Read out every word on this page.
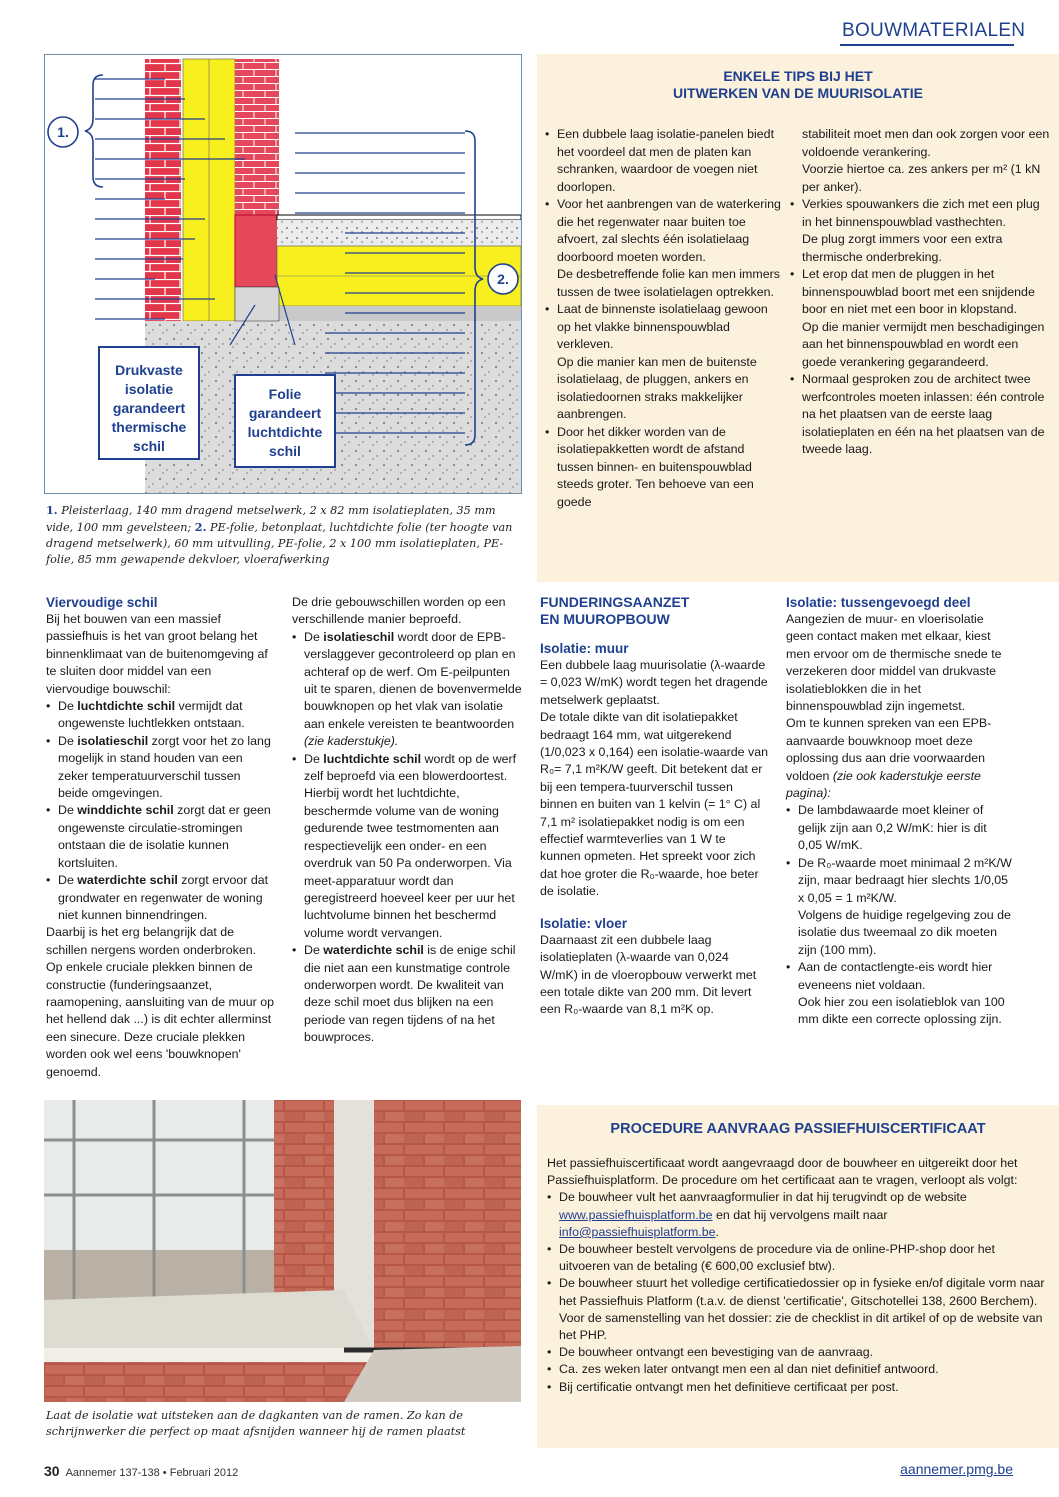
BOUWMATERIALEN
1.
2.
Drukvaste
isolatie
garandeert
thermische
schil
Folie
garandeert
luchtdichte
schil
1. Pleisterlaag, 140 mm dragend metselwerk, 2 x 82 mm isolatieplaten, 35 mm vide, 100 mm gevelsteen; 2. PE-folie, betonplaat, luchtdichte folie (ter hoogte van dragend metselwerk), 60 mm uitvulling, PE-folie, 2 x 100 mm isolatieplaten, PE-folie, 85 mm gewapende dekvloer, vloerafwerking
ENKELE TIPS BIJ HET
UITWERKEN VAN DE MUURISOLATIE

• Een dubbele laag isolatie-panelen biedt het voordeel dat men de platen kan schranken, waardoor de voegen niet doorlopen.

• Voor het aanbrengen van de waterkering die het regenwater naar buiten toe afvoert, zal slechts één isolatielaag doorboord moeten worden.

De desbetreffende folie kan men immers tussen de twee isolatielagen optrekken.

• Laat de binnenste isolatielaag gewoon op het vlakke binnenspouwblad verkleven.

Op die manier kan men de buitenste isolatielaag, de pluggen, ankers en isolatiedoornen straks makkelijker aanbrengen.

• Door het dikker worden van de isolatiepakketten wordt de afstand tussen binnen- en buitenspouwblad steeds groter. Ten behoeve van een goede

stabiliteit moet men dan ook zorgen voor een voldoende verankering.

Voorzie hiertoe ca. zes ankers per m² (1 kN per anker).

• Verkies spouwankers die zich met een plug in het binnenspouwblad vasthechten.

De plug zorgt immers voor een extra thermische onderbreking.

• Let erop dat men de pluggen in het binnenspouwblad boort met een snijdende boor en niet met een boor in klopstand.

Op die manier vermijdt men beschadigingen aan het binnenspouwblad en wordt een goede verankering gegarandeerd.

• Normaal gesproken zou de architect twee werfcontroles moeten inlassen: één controle na het plaatsen van de eerste laag isolatieplaten en één na het plaatsen van de tweede laag.

Viervoudige schil

Bij het bouwen van een massief passiefhuis is het van groot belang het binnenklimaat van de buitenomgeving af te sluiten door middel van een viervoudige bouwschil:

• De luchtdichte schil vermijdt dat ongewenste luchtlekken ontstaan.
• De isolatieschil zorgt voor het zo lang mogelijk in stand houden van een zeker temperatuurverschil tussen beide omgevingen.
• De winddichte schil zorgt dat er geen ongewenste circulatie-stromingen ontstaan die de isolatie kunnen kortsluiten.
• De waterdichte schil zorgt ervoor dat grondwater en regenwater de woning niet kunnen binnendringen.

Daarbij is het erg belangrijk dat de schillen nergens worden onderbroken. Op enkele cruciale plekken binnen de constructie (funderingsaanzet, raamopening, aansluiting van de muur op het hellend dak ...) is dit echter allerminst een sinecure. Deze cruciale plekken worden ook wel eens 'bouwknopen' genoemd.

De drie gebouwschillen worden op een verschillende manier beproefd.

• De isolatieschil wordt door de EPB-verslaggever gecontroleerd op plan en achteraf op de werf. Om E-peilpunten uit te sparen, dienen de bovenvermelde bouwknopen op het vlak van isolatie aan enkele vereisten te beantwoorden (zie kaderstukje).
• De luchtdichte schil wordt op de werf zelf beproefd via een blowerdoortest. Hierbij wordt het luchtdichte, beschermde volume van de woning gedurende twee testmomenten aan respectievelijk een onder- en een overdruk van 50 Pa onderworpen. Via meet-apparatuur wordt dan geregistreerd hoeveel keer per uur het luchtvolume binnen het beschermd volume wordt vervangen.
• De waterdichte schil is de enige schil die niet aan een kunstmatige controle onderworpen wordt. De kwaliteit van deze schil moet dus blijken na een periode van regen tijdens of na het bouwproces.
FUNDERINGSAANZET
EN MUUROPBOUW
Isolatie: muur

Een dubbele laag muurisolatie (λ-waarde = 0,023 W/mK) wordt tegen het dragende metselwerk geplaatst.

De totale dikte van dit isolatiepakket bedraagt 164 mm, wat uitgerekend (1/0,023 x 0,164) een isolatie-waarde van R₀= 7,1 m²K/W geeft. Dit betekent dat er bij een tempera-tuurverschil tussen binnen en buiten van 1 kelvin (= 1° C) al 7,1 m² isolatiepakket nodig is om een effectief warmteverlies van 1 W te kunnen opmeten. Het spreekt voor zich dat hoe groter die R₀-waarde, hoe beter de isolatie.

Isolatie: vloer

Daarnaast zit een dubbele laag isolatieplaten (λ-waarde van 0,024 W/mK) in de vloeropbouw verwerkt met een totale dikte van 200 mm. Dit levert een R₀-waarde van 8,1 m²K op.

Isolatie: tussengevoegd deel

Aangezien de muur- en vloerisolatie geen contact maken met elkaar, kiest men ervoor om de thermische snede te verzekeren door middel van drukvaste isolatieblokken die in het binnenspouwblad zijn ingemetst.

Om te kunnen spreken van een EPB-aanvaarde bouwknoop moet deze oplossing dus aan drie voorwaarden voldoen (zie ook kaderstukje eerste pagina):

• De lambdawaarde moet kleiner of gelijk zijn aan 0,2 W/mK: hier is dit 0,05 W/mK.

• De R₀-waarde moet minimaal 2 m²K/W zijn, maar bedraagt hier slechts 1/0,05 x 0,05 = 1 m²K/W.

Volgens de huidige regelgeving zou de isolatie dus tweemaal zo dik moeten zijn (100 mm).

• Aan de contactlengte-eis wordt hier eveneens niet voldaan.

Ook hier zou een isolatieblok van 100 mm dikte een correcte oplossing zijn.

Laat de isolatie wat uitsteken aan de dagkanten van de ramen. Zo kan de schrijnwerker die perfect op maat afsnijden wanneer hij de ramen plaatst
PROCEDURE AANVRAAG PASSIEFHUISCERTIFICAAT

Het passiefhuiscertificaat wordt aangevraagd door de bouwheer en uitgereikt door het Passiefhuisplatform. De procedure om het certificaat aan te vragen, verloopt als volgt:

• De bouwheer vult het aanvraagformulier in dat hij terugvindt op de website www.passiefhuisplatform.be en dat hij vervolgens mailt naar info@passiefhuisplatform.be.
• De bouwheer bestelt vervolgens de procedure via de online-PHP-shop door het uitvoeren van de betaling (€ 600,00 exclusief btw).

• De bouwheer stuurt het volledige certificatiedossier op in fysieke en/of digitale vorm naar het Passiefhuis Platform (t.a.v. de dienst 'certificatie', Gitschotellei 138, 2600 Berchem).

Voor de samenstelling van het dossier: zie de checklist in dit artikel of op de website van het PHP.

• De bouwheer ontvangt een bevestiging van de aanvraag.
• Ca. zes weken later ontvangt men een al dan niet definitief antwoord.
• Bij certificatie ontvangt men het definitieve certificaat per post.
30 Aannemer 137-138 • Februari 2012	aannemer.pmg.be
